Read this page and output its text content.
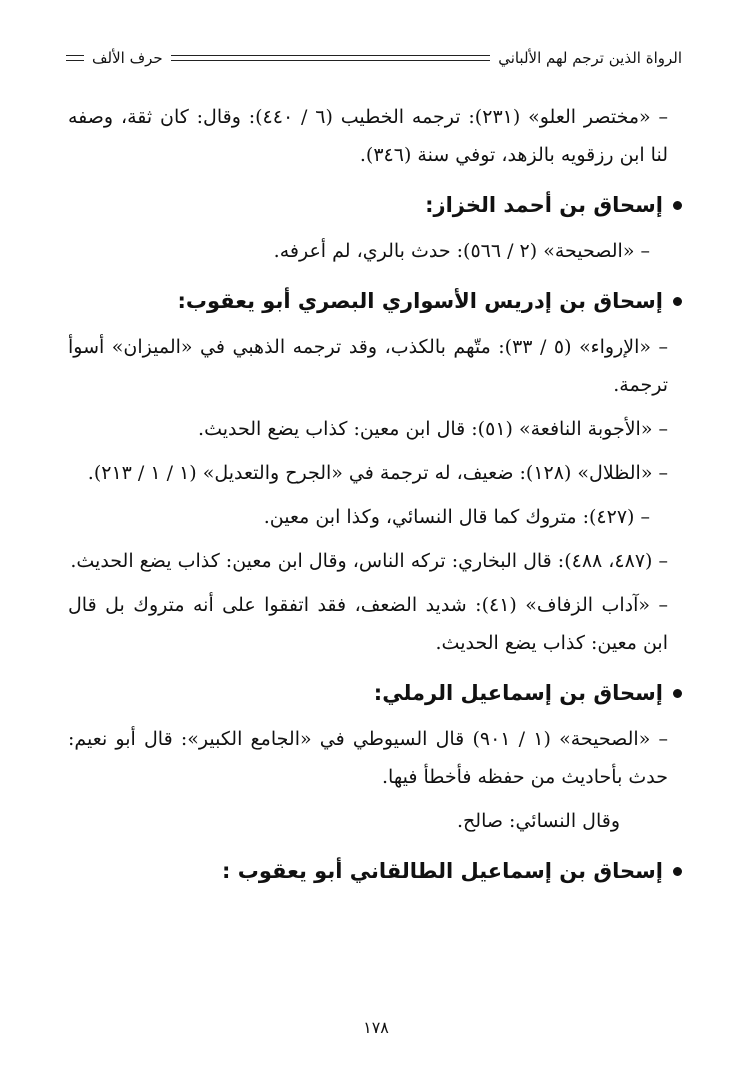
الرواة الذين ترجم لهم الألباني
حرف الألف

– «مختصر العلو» (٢٣١): ترجمه الخطيب (٦ / ٤٤٠): وقال: كان ثقة، وصفه لنا ابن رزقويه بالزهد، توفي سنة (٣٤٦).

إسحاق بن أحمد الخزاز:

– «الصحيحة» (٢ / ٥٦٦): حدث بالري، لم أعرفه.

إسحاق بن إدريس الأسواري البصري أبو يعقوب:

– «الإرواء» (٥ / ٣٣): متّهم بالكذب، وقد ترجمه الذهبي في «الميزان» أسوأ ترجمة.

– «الأجوبة النافعة» (٥١): قال ابن معين: كذاب يضع الحديث.

– «الظلال» (١٢٨): ضعيف، له ترجمة في «الجرح والتعديل» (١ / ١ / ٢١٣).

– (٤٢٧): متروك كما قال النسائي، وكذا ابن معين.

– (٤٨٧، ٤٨٨): قال البخاري: تركه الناس، وقال ابن معين: كذاب يضع الحديث.

– «آداب الزفاف» (٤١): شديد الضعف، فقد اتفقوا على أنه متروك بل قال ابن معين: كذاب يضع الحديث.

إسحاق بن إسماعيل الرملي:

– «الصحيحة» (١ / ٩٠١) قال السيوطي في «الجامع الكبير»: قال أبو نعيم: حدث بأحاديث من حفظه فأخطأ فيها.

وقال النسائي: صالح.

إسحاق بن إسماعيل الطالقاني أبو يعقوب :
١٧٨
